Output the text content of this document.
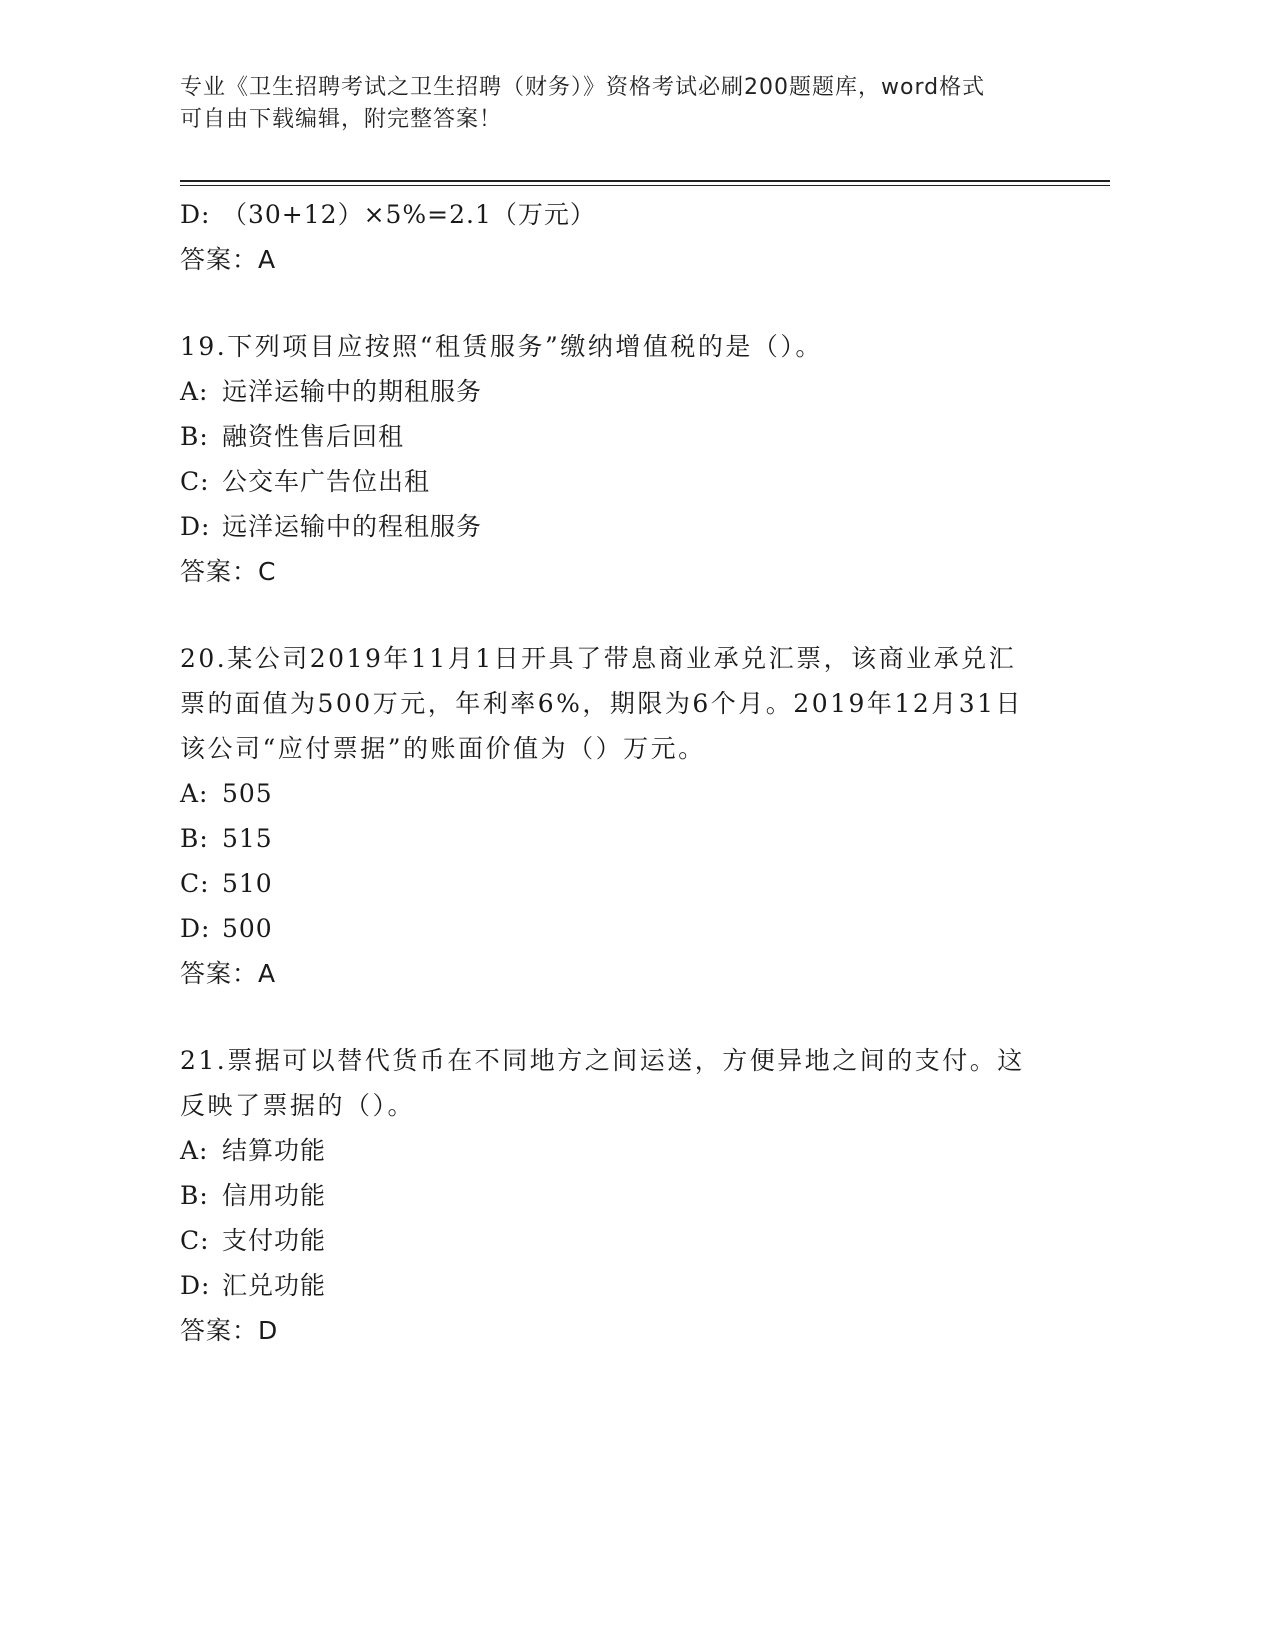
专业《卫生招聘考试之卫生招聘（财务）》资格考试必刷200题题库，word格式
可自由下载编辑，附完整答案！

D: （30+12）×5%=2.1（万元）

答案：A

19.下列项目应按照“租赁服务”缴纳增值税的是（）。

A: 远洋运输中的期租服务

B: 融资性售后回租

C: 公交车广告位出租

D: 远洋运输中的程租服务

答案：C

20.某公司2019年11月1日开具了带息商业承兑汇票，该商业承兑汇

票的面值为500万元，年利率6%，期限为6个月。2019年12月31日

该公司“应付票据”的账面价值为（）万元。

A: 505

B: 515

C: 510

D: 500

答案：A

21.票据可以替代货币在不同地方之间运送，方便异地之间的支付。这

反映了票据的（）。

A: 结算功能

B: 信用功能

C: 支付功能

D: 汇兑功能

答案：D
